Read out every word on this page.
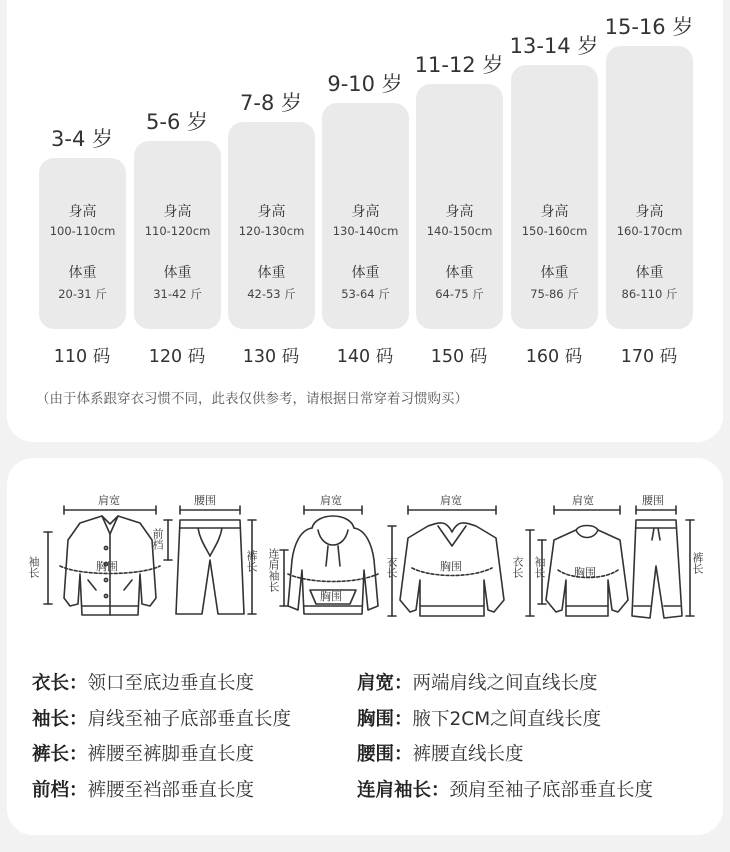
3-4 岁
身高
100-110cm
体重
20-31 斤
110 码
5-6 岁
身高
110-120cm
体重
31-42 斤
120 码
7-8 岁
身高
120-130cm
体重
42-53 斤
130 码
9-10 岁
身高
130-140cm
体重
53-64 斤
140 码
11-12 岁
身高
140-150cm
体重
64-75 斤
150 码
13-14 岁
身高
150-160cm
体重
75-86 斤
160 码
15-16 岁
身高
160-170cm
体重
86-110 斤
170 码
（由于体系跟穿衣习惯不同，此表仅供参考，请根据日常穿着习惯购买）
肩宽
袖长	胸围
腰围
前档
裤长
肩宽
连肩袖长
胸围
肩宽
衣长	胸围
肩宽	腰围
衣长 袖长	胸围	裤长
衣长：领口至底边垂直长度	肩宽：两端肩线之间直线长度
袖长：肩线至袖子底部垂直长度	胸围：腋下2CM之间直线长度
裤长：裤腰至裤脚垂直长度	腰围：裤腰直线长度
前档：裤腰至裆部垂直长度	连肩袖长：颈肩至袖子底部垂直长度
